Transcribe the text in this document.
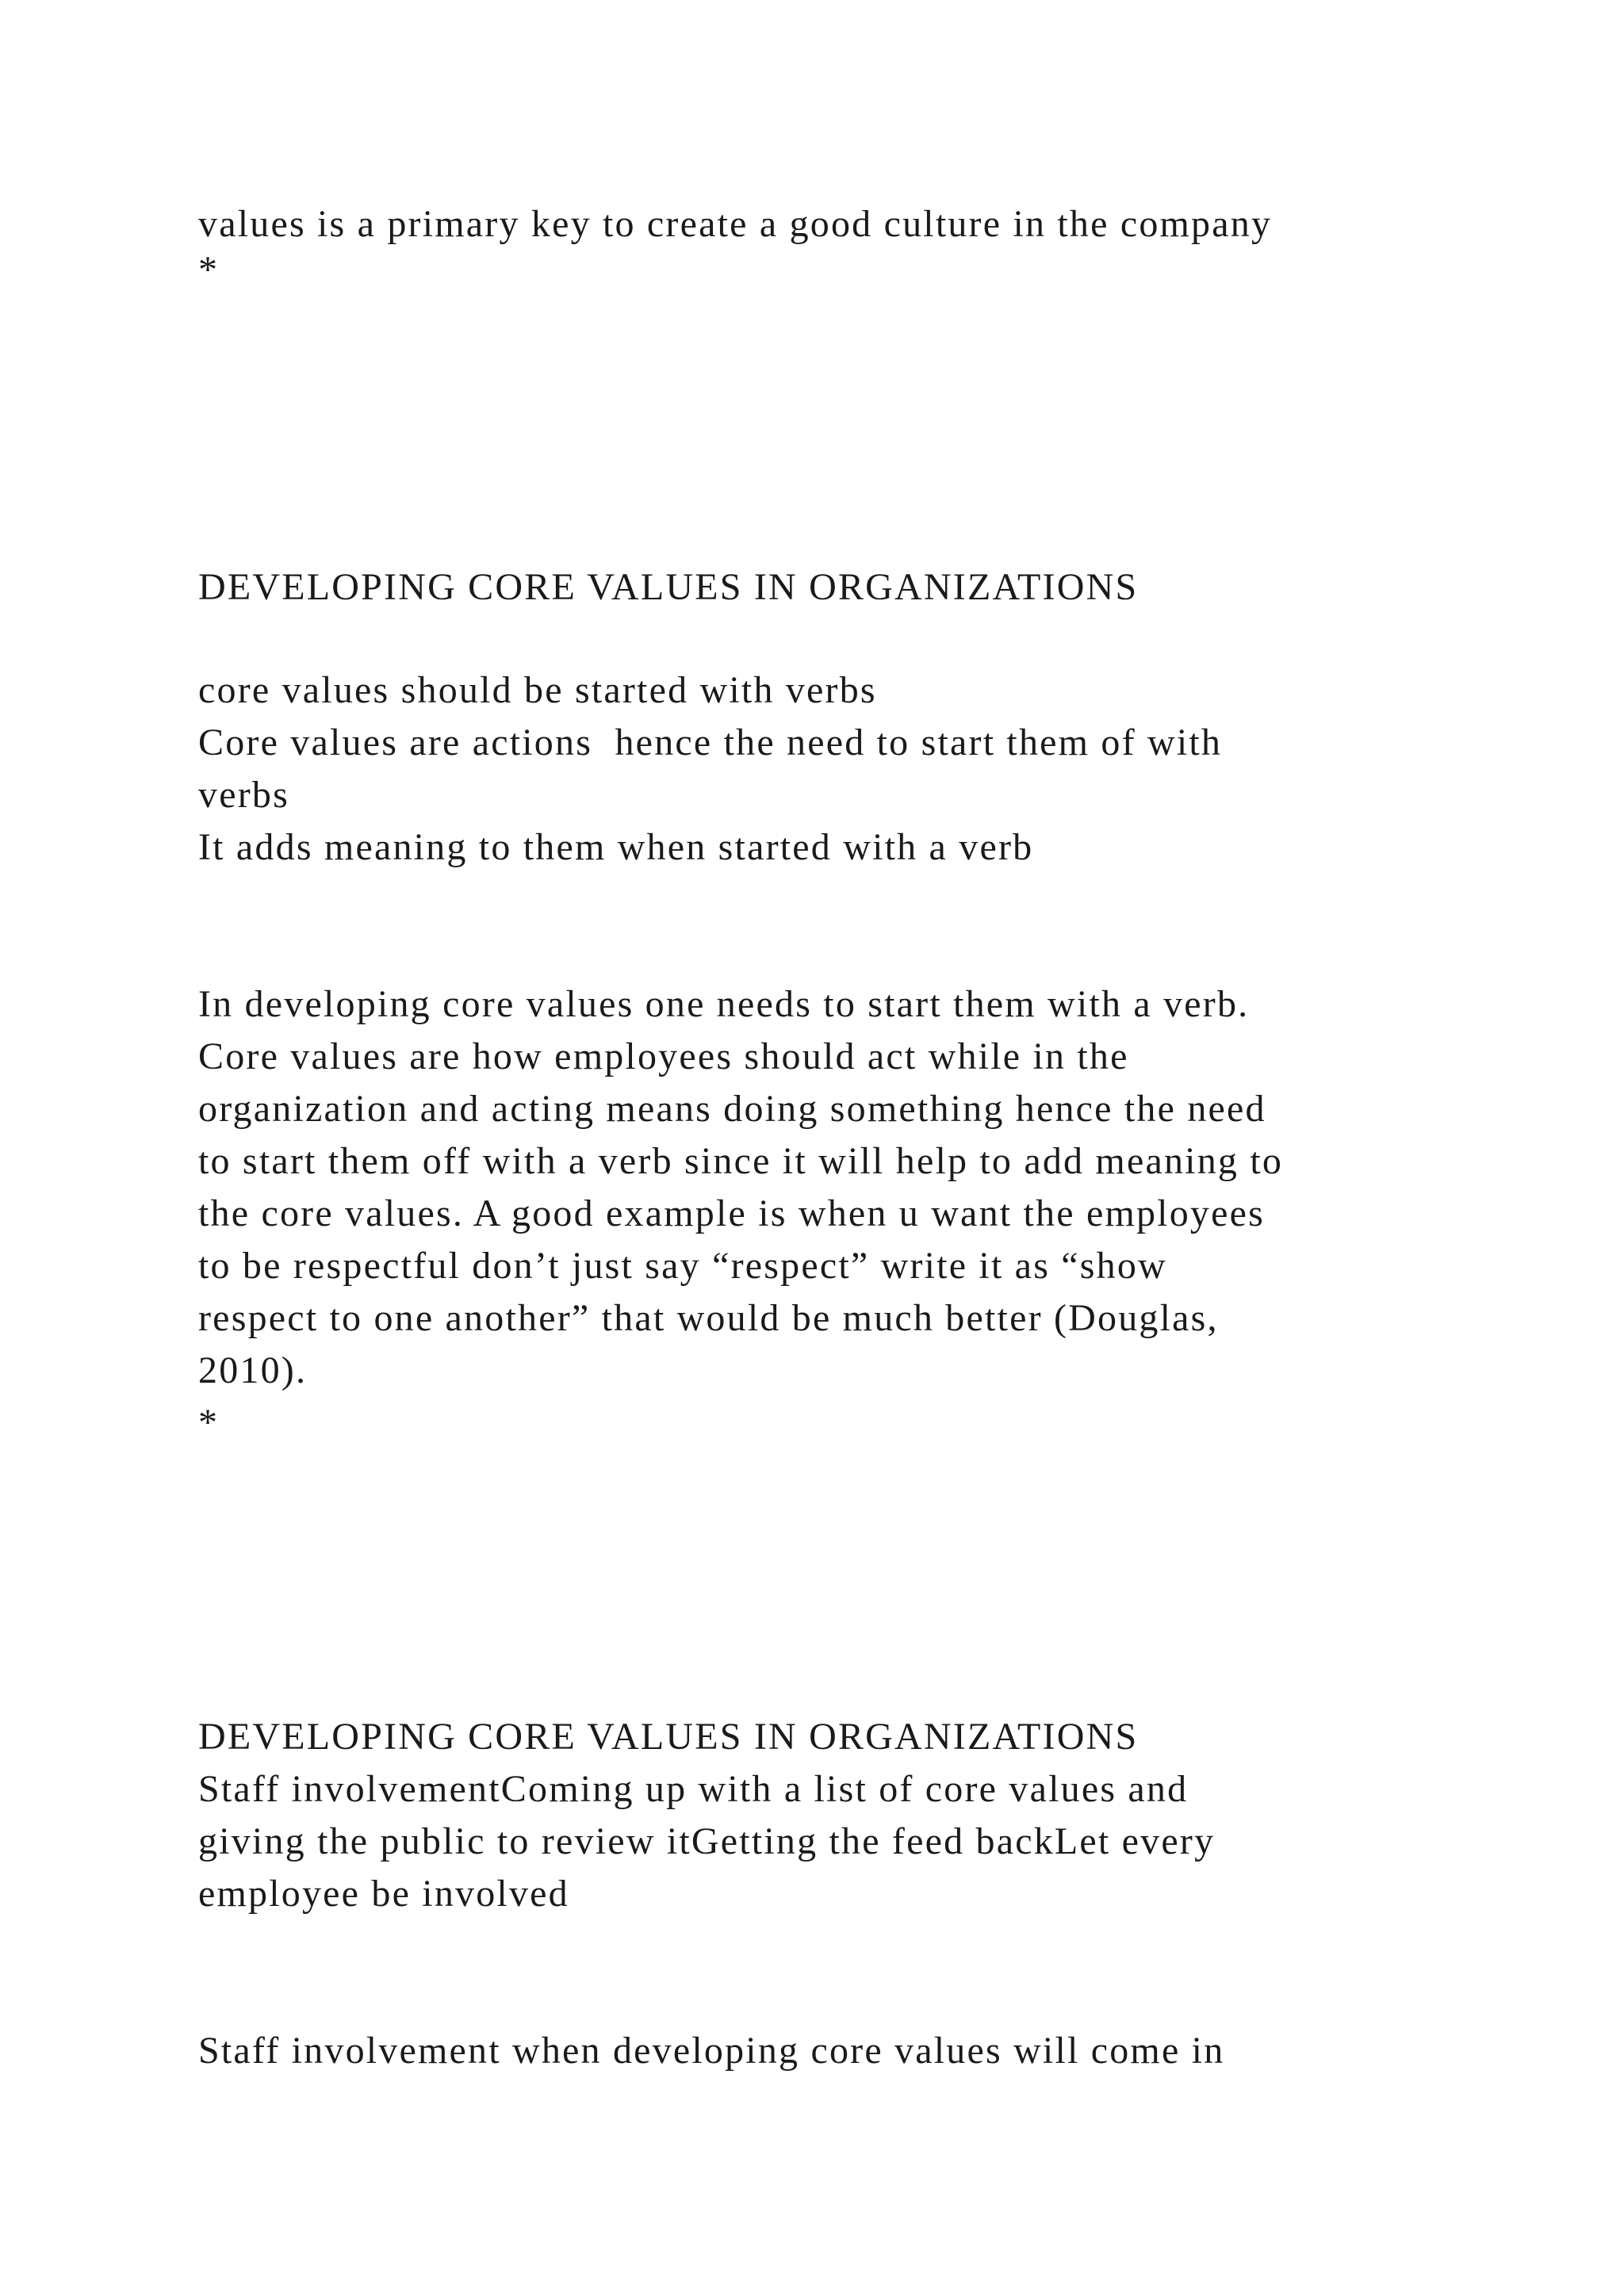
values is a primary key to create a good culture in the company
*
DEVELOPING CORE VALUES IN ORGANIZATIONS
core values should be started with verbs
Core values are actions  hence the need to start them of with
verbs
It adds meaning to them when started with a verb
In developing core values one needs to start them with a verb.
Core values are how employees should act while in the
organization and acting means doing something hence the need
to start them off with a verb since it will help to add meaning to
the core values. A good example is when u want the employees
to be respectful don’t just say “respect” write it as “show
respect to one another” that would be much better (Douglas,
2010).
*
DEVELOPING CORE VALUES IN ORGANIZATIONS
Staff involvementComing up with a list of core values and
giving the public to review itGetting the feed backLet every
employee be involved
Staff involvement when developing core values will come in
